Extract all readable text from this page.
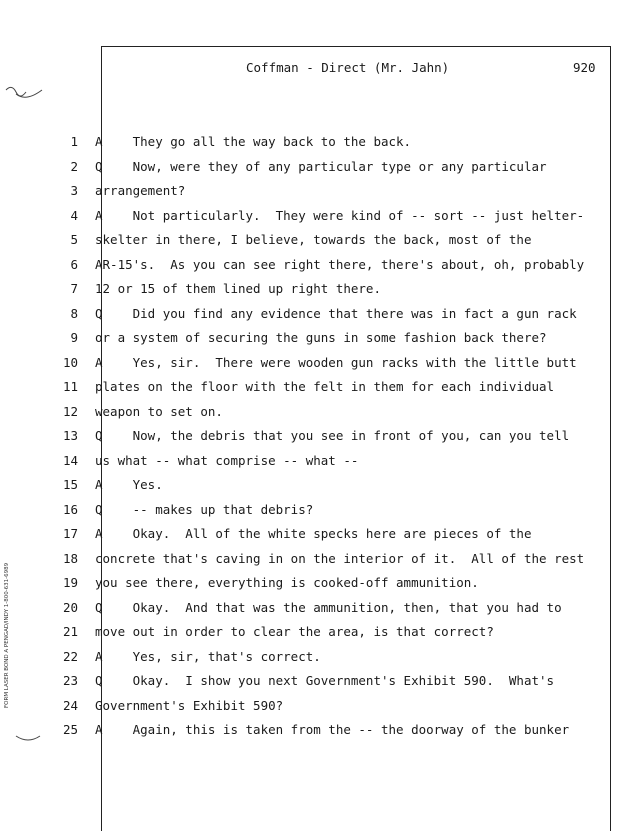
Coffman - Direct (Mr. Jahn)	920
FORM LASER BOND A PENGAD/INDY 1-800-631-6989
1 A    They go all the way back to the back.
2 Q    Now, were they of any particular type or any particular
3 arrangement?
4 A    Not particularly.  They were kind of -- sort -- just helter-
5 skelter in there, I believe, towards the back, most of the
6 AR-15's.  As you can see right there, there's about, oh, probably
7 12 or 15 of them lined up right there.
8 Q    Did you find any evidence that there was in fact a gun rack
9 or a system of securing the guns in some fashion back there?
10 A    Yes, sir.  There were wooden gun racks with the little butt
11 plates on the floor with the felt in them for each individual
12 weapon to set on.
13 Q    Now, the debris that you see in front of you, can you tell
14 us what -- what comprise -- what --
15 A    Yes.
16 Q    -- makes up that debris?
17 A    Okay.  All of the white specks here are pieces of the
18 concrete that's caving in on the interior of it.  All of the rest
19 you see there, everything is cooked-off ammunition.
20 Q    Okay.  And that was the ammunition, then, that you had to
21 move out in order to clear the area, is that correct?
22 A    Yes, sir, that's correct.
23 Q    Okay.  I show you next Government's Exhibit 590.  What's
24 Government's Exhibit 590?
25 A    Again, this is taken from the -- the doorway of the bunker
